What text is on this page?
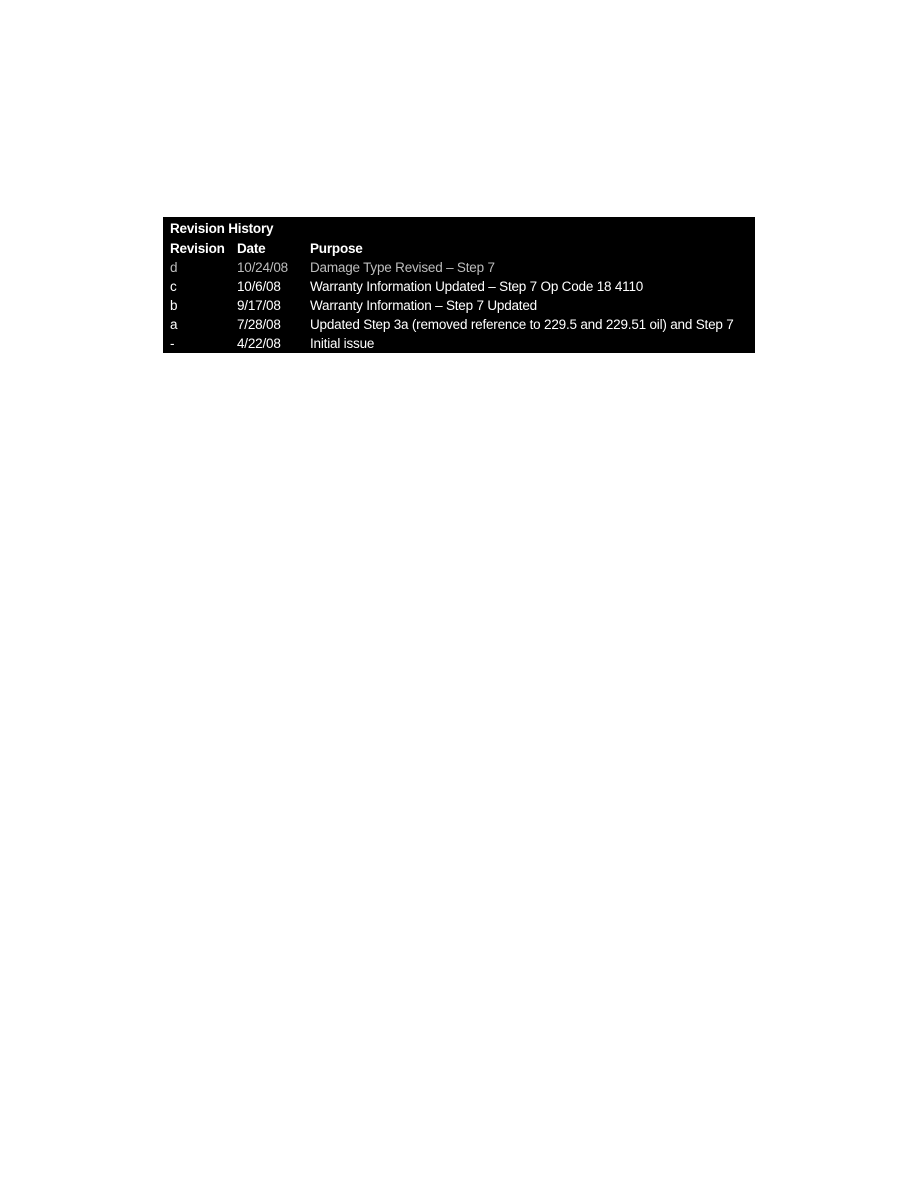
Revision History
Revision Date	Purpose
d	10/24/08	Damage Type Revised – Step 7
c	10/6/08	Warranty Information Updated – Step 7 Op Code 18 4110
b	9/17/08	Warranty Information – Step 7 Updated
a	7/28/08	Updated Step 3a (removed reference to 229.5 and 229.51 oil) and Step 7
-	4/22/08	Initial issue
